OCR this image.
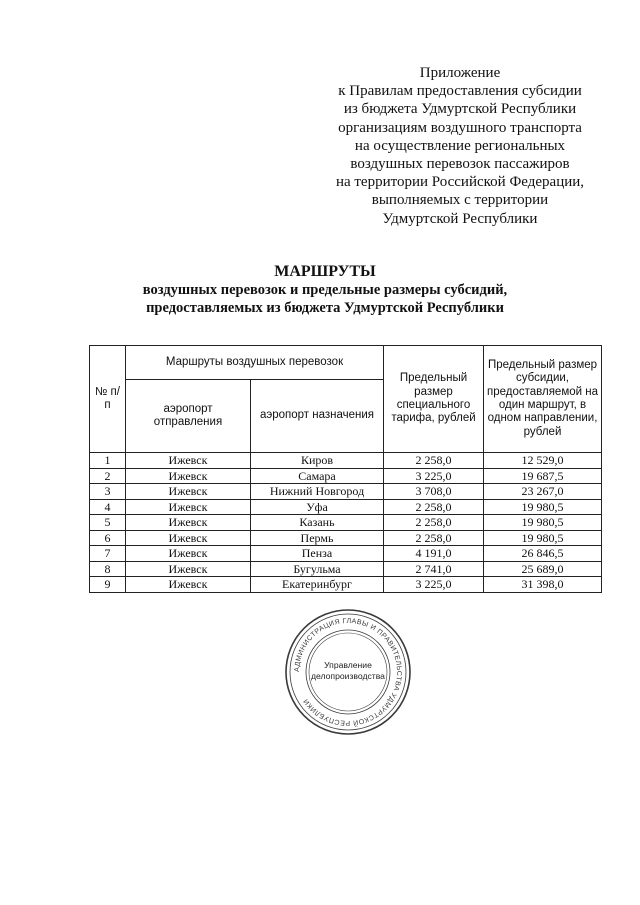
Приложение
к Правилам предоставления субсидии
из бюджета Удмуртской Республики
организациям воздушного транспорта
на осуществление региональных
воздушных перевозок пассажиров
на территории Российской Федерации,
выполняемых с территории
Удмуртской Республики
МАРШРУТЫ
воздушных перевозок и предельные размеры субсидий,
предоставляемых из бюджета Удмуртской Республики
№ п/п	Маршруты воздушных перевозок		Предельный размер специального тарифа, рублей	Предельный размер субсидии, предоставляемой на один маршрут, в одном направлении, рублей
	аэропорт отправления	аэропорт назначения		
1	Ижевск	Киров	2 258,0	12 529,0
2	Ижевск	Самара	3 225,0	19 687,5
3	Ижевск	Нижний Новгород	3 708,0	23 267,0
4	Ижевск	Уфа	2 258,0	19 980,5
5	Ижевск	Казань	2 258,0	19 980,5
6	Ижевск	Пермь	2 258,0	19 980,5
7	Ижевск	Пенза	4 191,0	26 846,5
8	Ижевск	Бугульма	2 741,0	25 689,0
9	Ижевск	Екатеринбург	3 225,0	31 398,0
АДМИНИСТРАЦИЯ ГЛАВЫ И ПРАВИТЕЛЬСТВА УДМУРТСКОЙ РЕСПУБЛИКИ
Управление
делопроизводства
